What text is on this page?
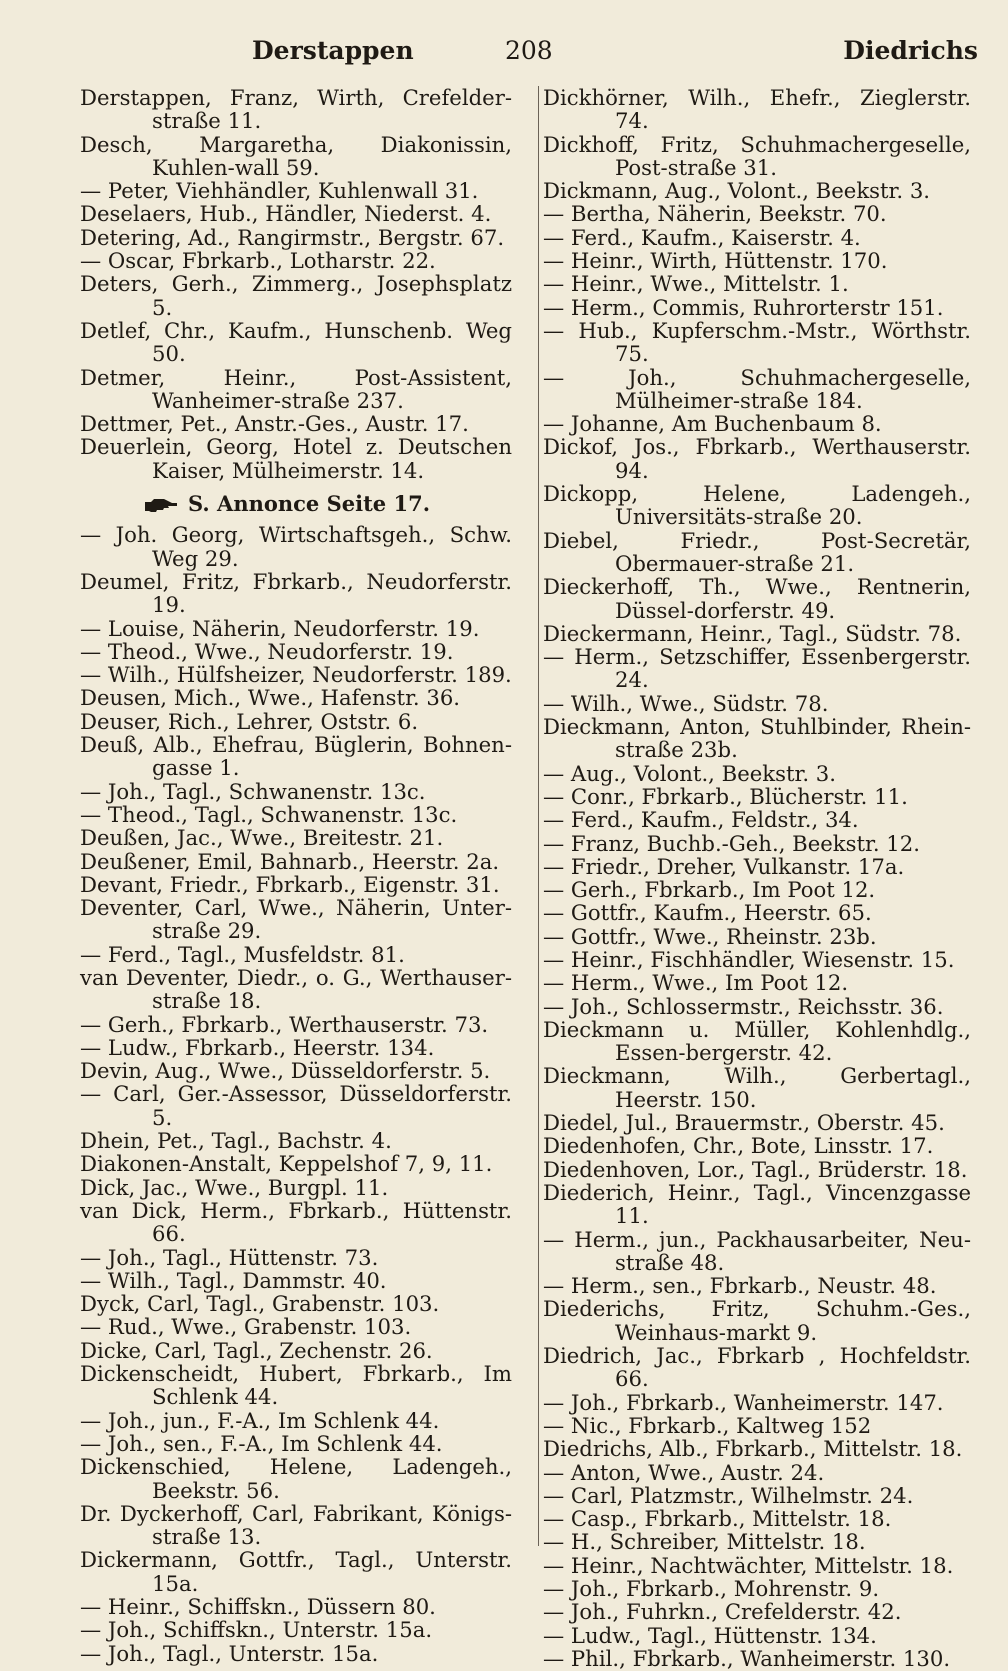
Derstappen	208	Diedrichs

Derstappen, Franz, Wirth, Crefelder-straße 11.

Desch, Margaretha, Diakonissin, Kuhlen-wall 59.

— Peter, Viehhändler, Kuhlenwall 31.

Deselaers, Hub., Händler, Niederst. 4.

Detering, Ad., Rangirmstr., Bergstr. 67.

— Oscar, Fbrkarb., Lotharstr. 22.

Deters, Gerh., Zimmerg., Josephsplatz 5.

Detlef, Chr., Kaufm., Hunschenb. Weg 50.

Detmer, Heinr., Post-Assistent, Wanheimer-straße 237.

Dettmer, Pet., Anstr.-Ges., Austr. 17.

Deuerlein, Georg, Hotel z. Deutschen Kaiser, Mülheimerstr. 14.

S. Annonce Seite 17.

— Joh. Georg, Wirtschaftsgeh., Schw. Weg 29.

Deumel, Fritz, Fbrkarb., Neudorferstr. 19.

— Louise, Näherin, Neudorferstr. 19.

— Theod., Wwe., Neudorferstr. 19.

— Wilh., Hülfsheizer, Neudorferstr. 189.

Deusen, Mich., Wwe., Hafenstr. 36.

Deuser, Rich., Lehrer, Oststr. 6.

Deuß, Alb., Ehefrau, Büglerin, Bohnen-gasse 1.

— Joh., Tagl., Schwanenstr. 13c.

— Theod., Tagl., Schwanenstr. 13c.

Deußen, Jac., Wwe., Breitestr. 21.

Deußener, Emil, Bahnarb., Heerstr. 2a.

Devant, Friedr., Fbrkarb., Eigenstr. 31.

Deventer, Carl, Wwe., Näherin, Unter-straße 29.

— Ferd., Tagl., Musfeldstr. 81.

van Deventer, Diedr., o. G., Werthauser-straße 18.

— Gerh., Fbrkarb., Werthauserstr. 73.

— Ludw., Fbrkarb., Heerstr. 134.

Devin, Aug., Wwe., Düsseldorferstr. 5.

— Carl, Ger.-Assessor, Düsseldorferstr. 5.

Dhein, Pet., Tagl., Bachstr. 4.

Diakonen-Anstalt, Keppelshof 7, 9, 11.

Dick, Jac., Wwe., Burgpl. 11.

van Dick, Herm., Fbrkarb., Hüttenstr. 66.

— Joh., Tagl., Hüttenstr. 73.

— Wilh., Tagl., Dammstr. 40.

Dyck, Carl, Tagl., Grabenstr. 103.

— Rud., Wwe., Grabenstr. 103.

Dicke, Carl, Tagl., Zechenstr. 26.

Dickenscheidt, Hubert, Fbrkarb., Im Schlenk 44.

— Joh., jun., F.-A., Im Schlenk 44.

— Joh., sen., F.-A., Im Schlenk 44.

Dickenschied, Helene, Ladengeh., Beekstr. 56.

Dr. Dyckerhoff, Carl, Fabrikant, Königs-straße 13.

Dickermann, Gottfr., Tagl., Unterstr. 15a.

— Heinr., Schiffskn., Düssern 80.

— Joh., Schiffskn., Unterstr. 15a.

— Joh., Tagl., Unterstr. 15a.

Dickhörner, Wilh., Ehefr., Zieglerstr. 74.

Dickhoff, Fritz, Schuhmachergeselle, Post-straße 31.

Dickmann, Aug., Volont., Beekstr. 3.

— Bertha, Näherin, Beekstr. 70.

— Ferd., Kaufm., Kaiserstr. 4.

— Heinr., Wirth, Hüttenstr. 170.

— Heinr., Wwe., Mittelstr. 1.

— Herm., Commis, Ruhrorterstr 151.

— Hub., Kupferschm.-Mstr., Wörthstr. 75.

— Joh., Schuhmachergeselle, Mülheimer-straße 184.

— Johanne, Am Buchenbaum 8.

Dickof, Jos., Fbrkarb., Werthauserstr. 94.

Dickopp, Helene, Ladengeh., Universitäts-straße 20.

Diebel, Friedr., Post-Secretär, Obermauer-straße 21.

Dieckerhoff, Th., Wwe., Rentnerin, Düssel-dorferstr. 49.

Dieckermann, Heinr., Tagl., Südstr. 78.

— Herm., Setzschiffer, Essenbergerstr. 24.

— Wilh., Wwe., Südstr. 78.

Dieckmann, Anton, Stuhlbinder, Rhein-straße 23b.

— Aug., Volont., Beekstr. 3.

— Conr., Fbrkarb., Blücherstr. 11.

— Ferd., Kaufm., Feldstr., 34.

— Franz, Buchb.-Geh., Beekstr. 12.

— Friedr., Dreher, Vulkanstr. 17a.

— Gerh., Fbrkarb., Im Poot 12.

— Gottfr., Kaufm., Heerstr. 65.

— Gottfr., Wwe., Rheinstr. 23b.

— Heinr., Fischhändler, Wiesenstr. 15.

— Herm., Wwe., Im Poot 12.

— Joh., Schlossermstr., Reichsstr. 36.

Dieckmann u. Müller, Kohlenhdlg., Essen-bergerstr. 42.

Dieckmann, Wilh., Gerbertagl., Heerstr. 150.

Diedel, Jul., Brauermstr., Oberstr. 45.

Diedenhofen, Chr., Bote, Linsstr. 17.

Diedenhoven, Lor., Tagl., Brüderstr. 18.

Diederich, Heinr., Tagl., Vincenzgasse 11.

— Herm., jun., Packhausarbeiter, Neu-straße 48.

— Herm., sen., Fbrkarb., Neustr. 48.

Diederichs, Fritz, Schuhm.-Ges., Weinhaus-markt 9.

Diedrich, Jac., Fbrkarb , Hochfeldstr. 66.

— Joh., Fbrkarb., Wanheimerstr. 147.

— Nic., Fbrkarb., Kaltweg 152

Diedrichs, Alb., Fbrkarb., Mittelstr. 18.

— Anton, Wwe., Austr. 24.

— Carl, Platzmstr., Wilhelmstr. 24.

— Casp., Fbrkarb., Mittelstr. 18.

— H., Schreiber, Mittelstr. 18.

— Heinr., Nachtwächter, Mittelstr. 18.

— Joh., Fbrkarb., Mohrenstr. 9.

— Joh., Fuhrkn., Crefelderstr. 42.

— Ludw., Tagl., Hüttenstr. 134.

— Phil., Fbrkarb., Wanheimerstr. 130.
